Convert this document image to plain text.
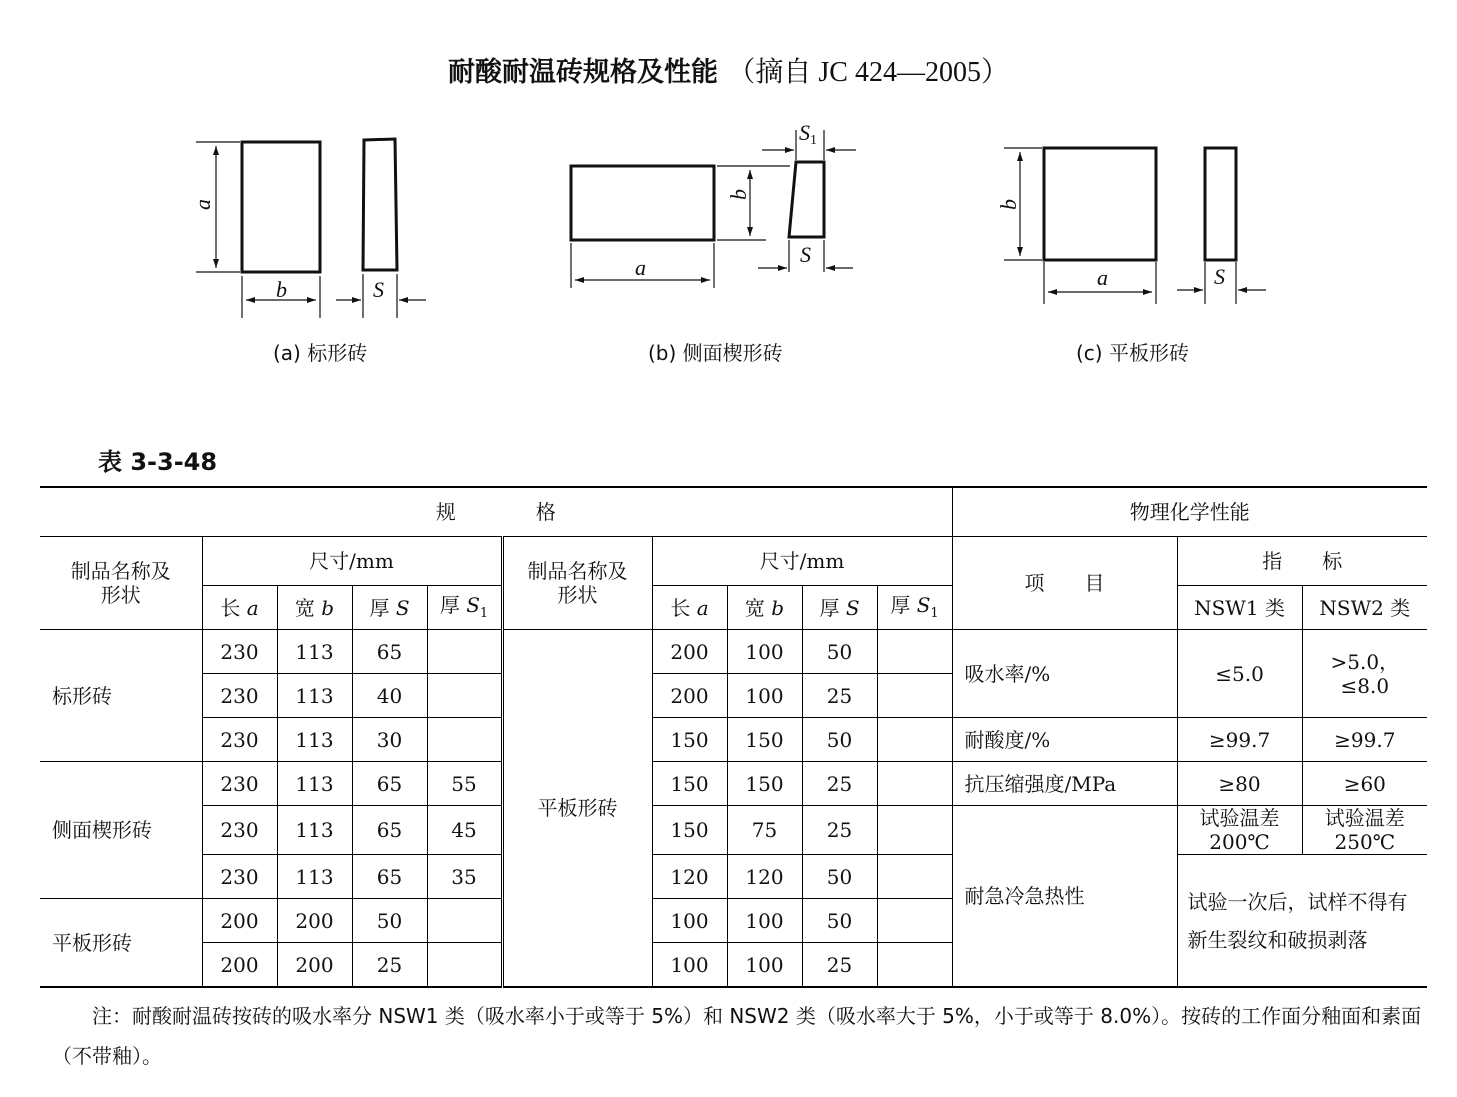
耐酸耐温砖规格及性能 （摘自 JC 424—2005）
a
b	S
a
b
S1
S
b
a	S
(a) 标形砖	(b) 侧面楔形砖	(c) 平板形砖
表 3-3-48
规　　　　格										物理化学性能		
制品名称及形状	尺寸/mm				制品名称及形状	尺寸/mm				项　　目	指　　标	
	长 a	宽 b	厚 S	厚 $S_1$		长 a	宽 b	厚 S	厚 $S_1$		NSW1 类	NSW2 类
标形砖	230	113	65		平板形砖	200	100	50		吸水率/%	≤5.0	>5.0，≤8.0
	230	113	40			200	100	25				
	230	113	30			150	150	50		耐酸度/%	≥99.7	≥99.7
侧面楔形砖	230	113	65	55		150	150	25		抗压缩强度/MPa	≥80	≥60
	230	113	65	45		150	75	25		耐急冷急热性	试验温差 200℃	试验温差 250℃
	230	113	65	35		120	120	50			试验一次后，试样不得有新生裂纹和破损剥落	
平板形砖	200	200	50			100	100	50				
	200	200	25			100	100	25				
注：耐酸耐温砖按砖的吸水率分 NSW1 类（吸水率小于或等于 5%）和 NSW2 类（吸水率大于 5%，小于或等于 8.0%）。按砖的工作面分釉面和素面（不带釉）。
